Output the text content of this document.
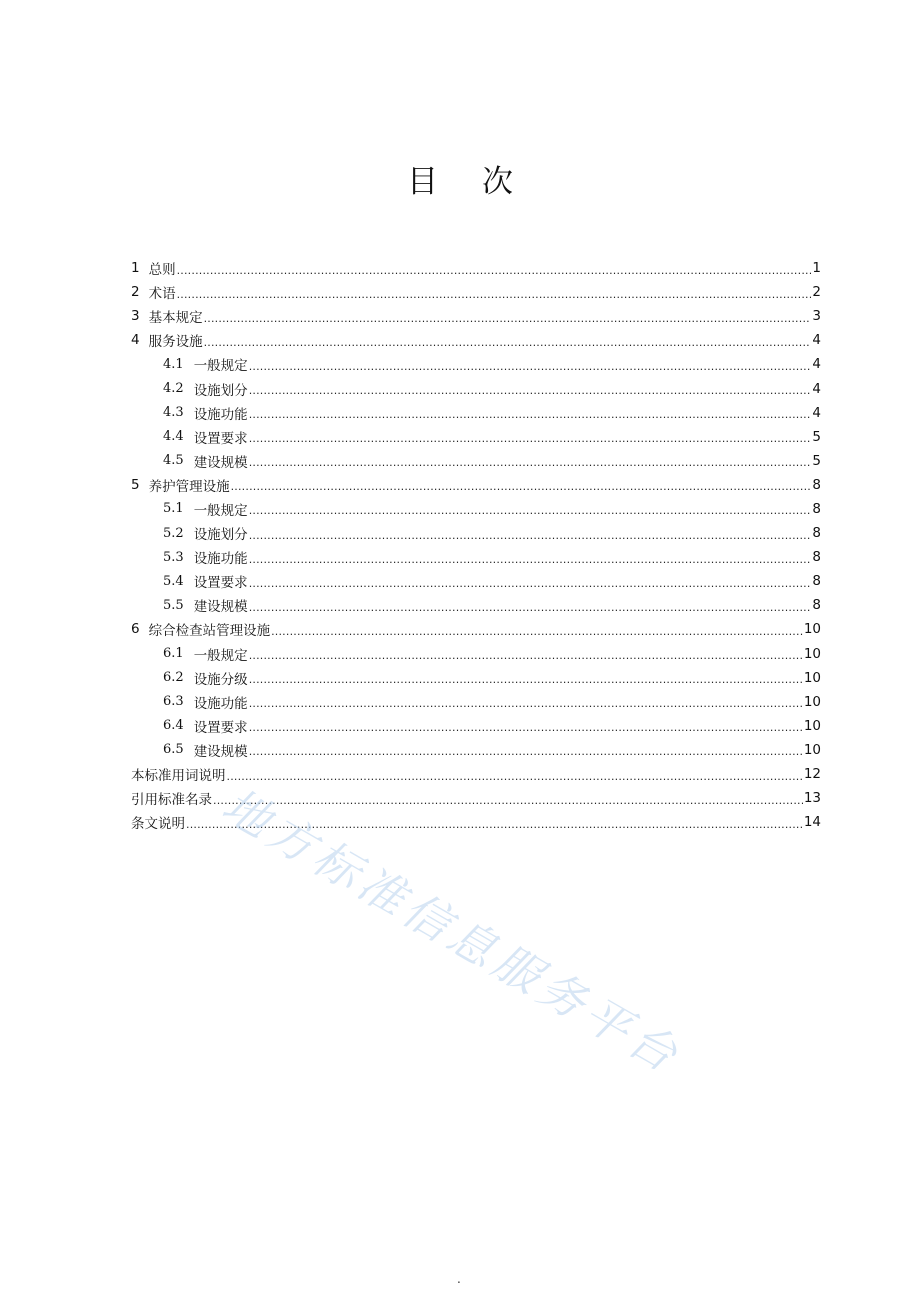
目 次
1 总则 .....	1
2 术语 .....	2
3 基本规定 .....	3
4 服务设施 .....	4
4.1 一般规定 .....	4
4.2 设施划分 .....	4
4.3 设施功能 .....	4
4.4 设置要求 .....	5
4.5 建设规模 .....	5
5 养护管理设施 .....	8
5.1 一般规定 .....	8
5.2 设施划分 .....	8
5.3 设施功能 .....	8
5.4 设置要求 .....	8
5.5 建设规模 .....	8
6 综合检查站管理设施 .....	10
6.1 一般规定 .....	10
6.2 设施分级 .....	10
6.3 设施功能 .....	10
6.4 设置要求 .....	10
6.5 建设规模 .....	10
本标准用词说明 .....	12
引用标准名录 .....	13
条文说明 .....	14
地方标准信息服务平台
.
